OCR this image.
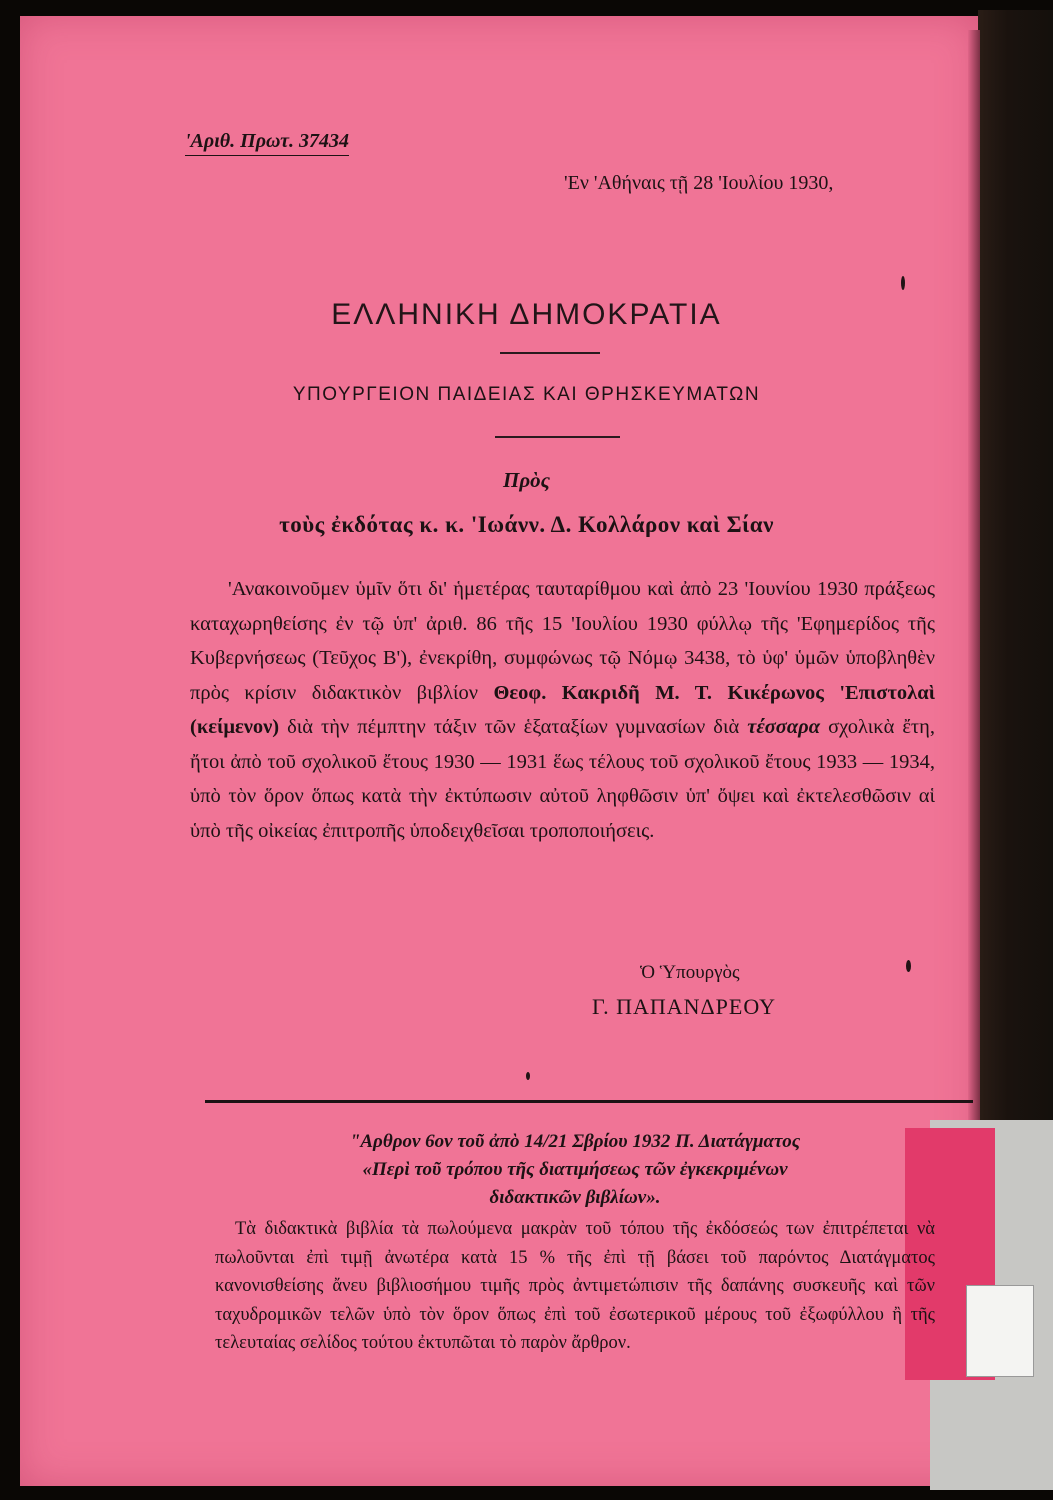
'Αριθ. Πρωτ. 37434
'Εν 'Αθήναις τῇ 28 'Ιουλίου 1930,
ΕΛΛΗΝΙΚΗ ΔΗΜΟΚΡΑΤΙΑ
ΥΠΟΥΡΓΕΙΟΝ ΠΑΙΔΕΙΑΣ ΚΑΙ ΘΡΗΣΚΕΥΜΑΤΩΝ
Πρὸς
τοὺς ἐκδότας κ. κ. 'Ιωάνν. Δ. Κολλάρον καὶ Σίαν

'Ανακοινοῦμεν ὑμῖν ὅτι δι' ἡμετέρας ταυταρίθμου καὶ ἀπὸ 23 'Ιουνίου 1930 πράξεως καταχωρηθείσης ἐν τῷ ὑπ' ἀριθ. 86 τῆς 15 'Ιουλίου 1930 φύλλῳ τῆς 'Εφημερίδος τῆς Κυβερνήσεως (Τεῦχος Β'), ἐνεκρίθη, συμφώνως τῷ Νόμῳ 3438, τὸ ὑφ' ὑμῶν ὑποβληθὲν πρὸς κρίσιν διδακτικὸν βιβλίον Θεοφ. Κακριδῆ Μ. Τ. Κικέρωνος 'Επιστολαὶ (κείμενον) διὰ τὴν πέμπτην τάξιν τῶν ἑξαταξίων γυμνασίων διὰ τέσσαρα σχολικὰ ἔτη, ἤτοι ἀπὸ τοῦ σχολικοῦ ἔτους 1930 — 1931 ἕως τέλους τοῦ σχολικοῦ ἔτους 1933 — 1934, ὑπὸ τὸν ὅρον ὅπως κατὰ τὴν ἐκτύπωσιν αὐτοῦ ληφθῶσιν ὑπ' ὄψει καὶ ἐκτελεσθῶσιν αἱ ὑπὸ τῆς οἰκείας ἐπιτροπῆς ὑποδειχθεῖσαι τροποποιήσεις.

Ὁ Ὑπουργὸς
Γ. ΠΑΠΑΝΔΡΕΟΥ
"Αρθρον 6ον τοῦ ἀπὸ 14/21 Σβρίου 1932 Π. Διατάγματος
«Περὶ τοῦ τρόπου τῆς διατιμήσεως τῶν ἐγκεκριμένων
διδακτικῶν βιβλίων».

Τὰ διδακτικὰ βιβλία τὰ πωλούμενα μακρὰν τοῦ τόπου τῆς ἐκδόσεώς των ἐπιτρέπεται νὰ πωλοῦνται ἐπὶ τιμῇ ἀνωτέρα κατὰ 15 % τῆς ἐπὶ τῇ βάσει τοῦ παρόντος Διατάγματος κανονισθείσης ἄνευ βιβλιοσήμου τιμῆς πρὸς ἀντιμετώπισιν τῆς δαπάνης συσκευῆς καὶ τῶν ταχυδρομικῶν τελῶν ὑπὸ τὸν ὅρον ὅπως ἐπὶ τοῦ ἐσωτερικοῦ μέρους τοῦ ἐξωφύλλου ἢ τῆς τελευταίας σελίδος τούτου ἐκτυπῶται τὸ παρὸν ἄρθρον.
